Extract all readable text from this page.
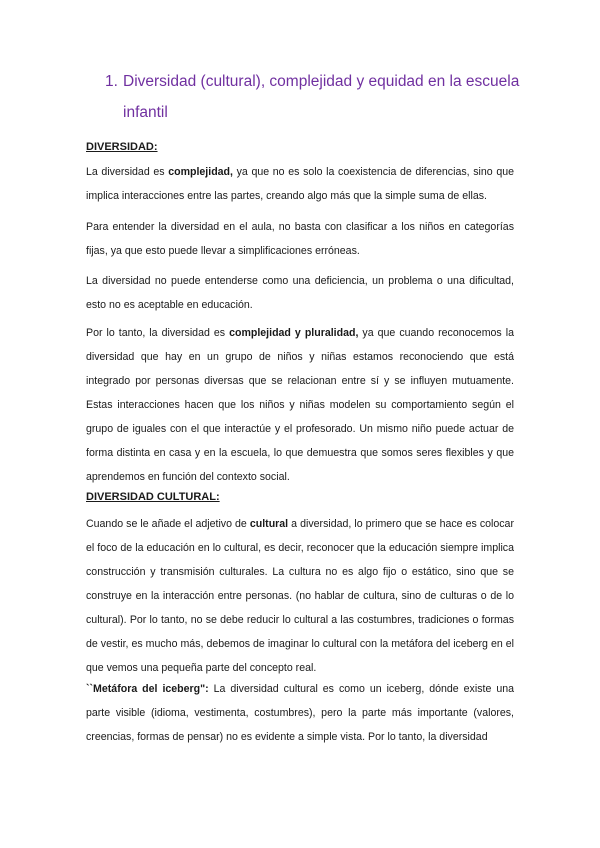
1. Diversidad (cultural), complejidad y equidad en la escuela
infantil
DIVERSIDAD:

La diversidad es complejidad, ya que no es solo la coexistencia de diferencias, sino que implica interacciones entre las partes, creando algo más que la simple suma de ellas.

Para entender la diversidad en el aula, no basta con clasificar a los niños en categorías fijas, ya que esto puede llevar a simplificaciones erróneas.

La diversidad no puede entenderse como una deficiencia, un problema o una dificultad, esto no es aceptable en educación.

Por lo tanto, la diversidad es complejidad y pluralidad, ya que cuando reconocemos la diversidad que hay en un grupo de niños y niñas estamos reconociendo que está integrado por personas diversas que se relacionan entre sí y se influyen mutuamente. Estas interacciones hacen que los niños y niñas modelen su comportamiento según el grupo de iguales con el que interactúe y el profesorado. Un mismo niño puede actuar de forma distinta en casa y en la escuela, lo que demuestra que somos seres flexibles y que aprendemos en función del contexto social.

DIVERSIDAD CULTURAL:

Cuando se le añade el adjetivo de cultural a diversidad, lo primero que se hace es colocar el foco de la educación en lo cultural, es decir, reconocer que la educación siempre implica construcción y transmisión culturales. La cultura no es algo fijo o estático, sino que se construye en la interacción entre personas. (no hablar de cultura, sino de culturas o de lo cultural). Por lo tanto, no se debe reducir lo cultural a las costumbres, tradiciones o formas de vestir, es mucho más, debemos de imaginar lo cultural con la metáfora del iceberg en el que vemos una pequeña parte del concepto real.

``Metáfora del iceberg": La diversidad cultural es como un iceberg, dónde existe una parte visible (idioma, vestimenta, costumbres), pero la parte más importante (valores, creencias, formas de pensar) no es evidente a simple vista. Por lo tanto, la diversidad
